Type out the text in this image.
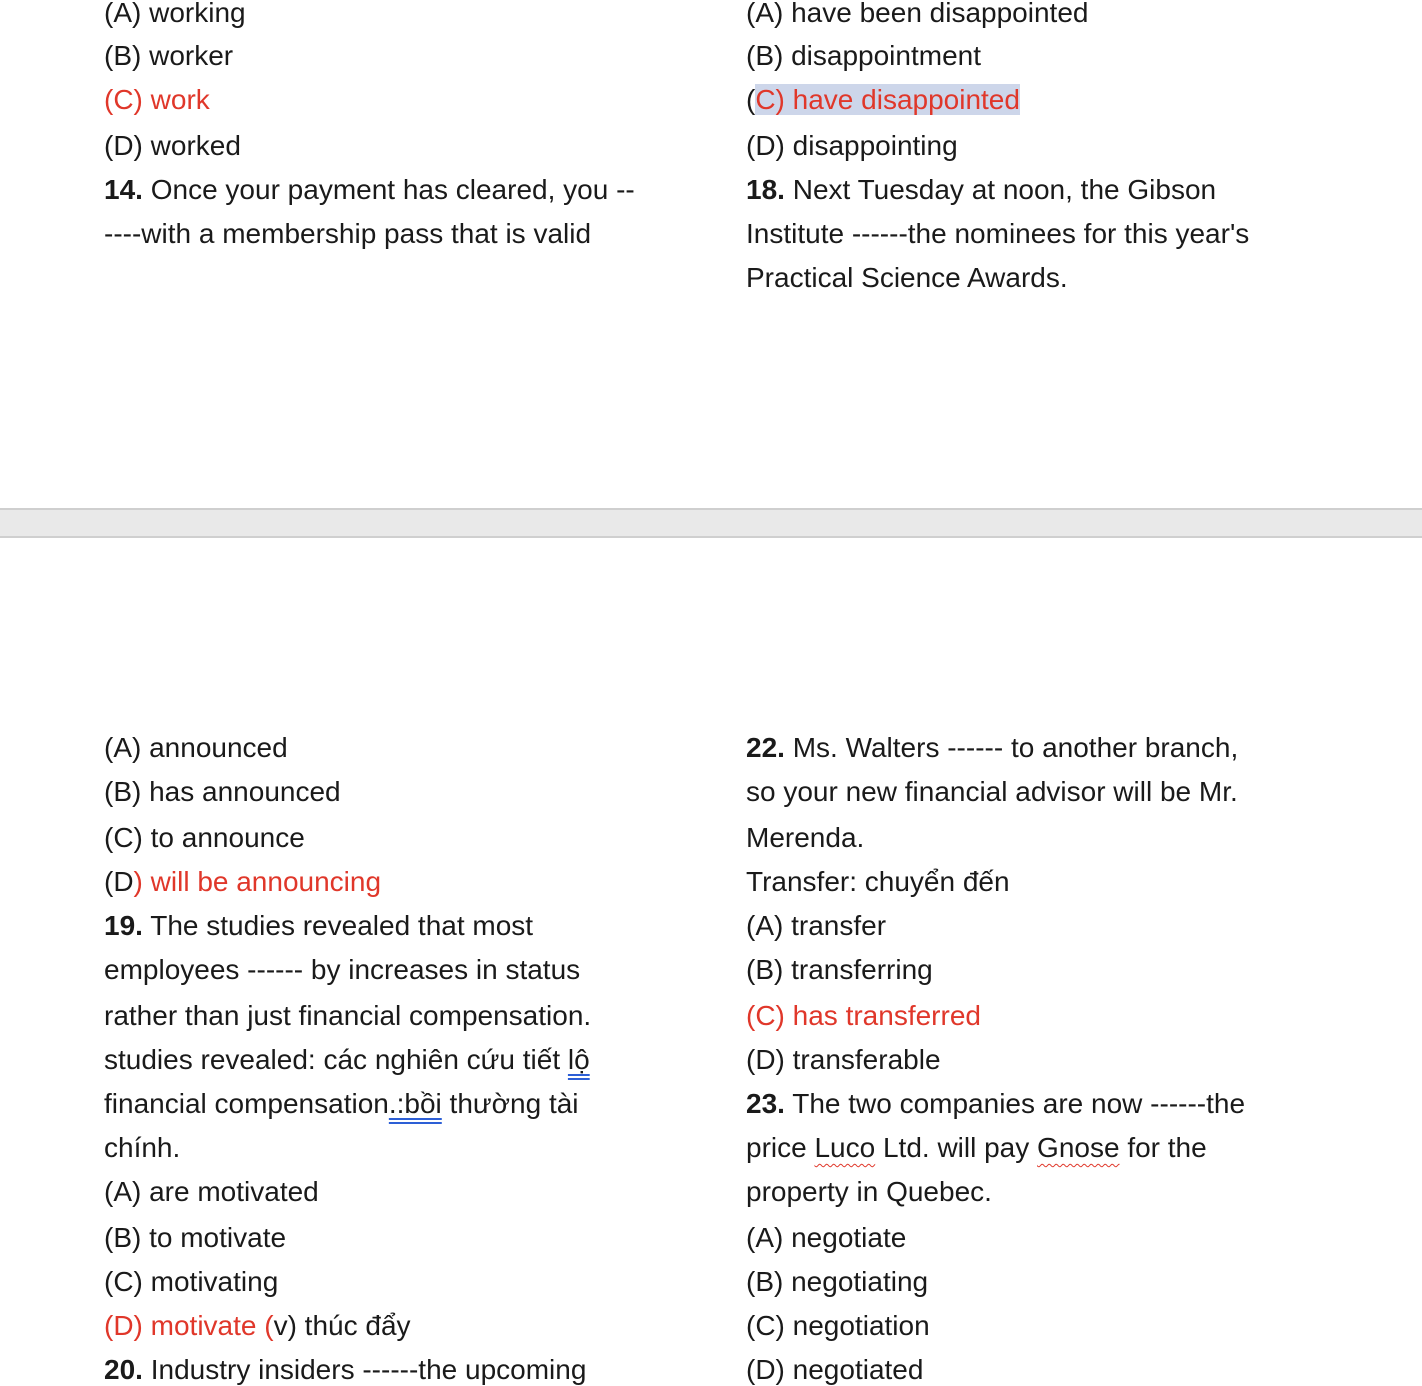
(A) working
(B) worker
(C) work
(D) worked
14. Once your payment has cleared, you --
----with a membership pass that is valid
(A) have been disappointed
(B) disappointment
(C) have disappointed
(D) disappointing
18. Next Tuesday at noon, the Gibson
Institute ------the nominees for this year's
Practical Science Awards.
(A) announced
(B) has announced
(C) to announce
(D) will be announcing
19. The studies revealed that most
employees ------ by increases in status
rather than just financial compensation.
studies revealed: các nghiên cứu tiết lộ
financial compensation.:bồi thường tài
chính.
(A) are motivated
(B) to motivate
(C) motivating
(D) motivate (v) thúc đẩy
20. Industry insiders ------the upcoming
22. Ms. Walters ------ to another branch,
so your new financial advisor will be Mr.
Merenda.
Transfer: chuyển đến
(A) transfer
(B) transferring
(C) has transferred
(D) transferable
23. The two companies are now ------the
price Luco Ltd. will pay Gnose for the
property in Quebec.
(A) negotiate
(B) negotiating
(C) negotiation
(D) negotiated
